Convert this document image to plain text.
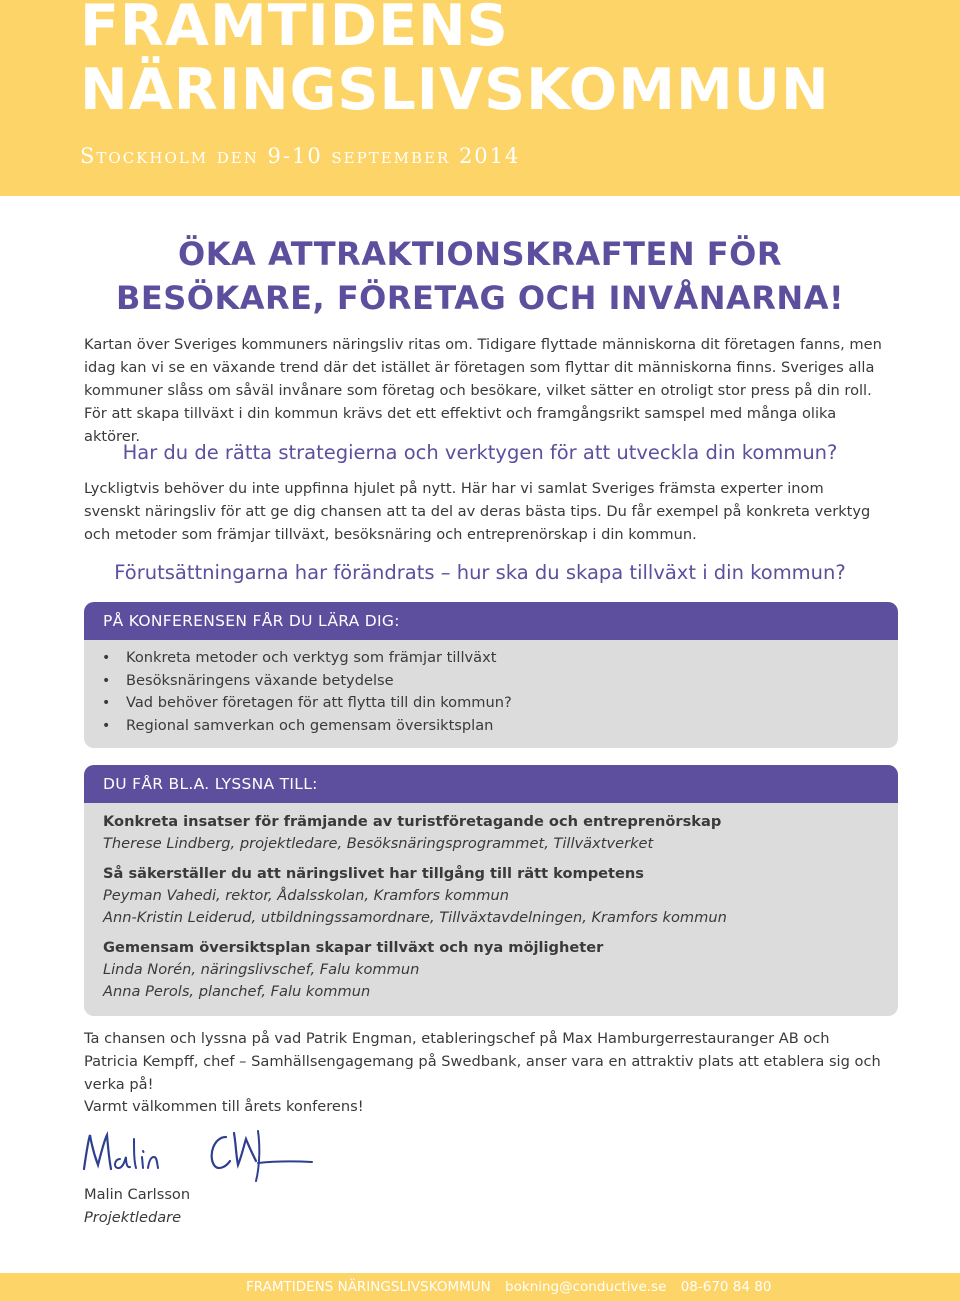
FRAMTIDENS
NÄRINGSLIVSKOMMUN

Stockholm den 9-10 september 2014

ÖKA ATTRAKTIONSKRAFTEN FÖR
BESÖKARE, FÖRETAG OCH INVÅNARNA!

Kartan över Sveriges kommuners näringsliv ritas om. Tidigare flyttade människorna dit företagen fanns, men idag kan vi se en växande trend där det istället är företagen som flyttar dit människorna finns. Sveriges alla kommuner slåss om såväl invånare som företag och besökare, vilket sätter en otroligt stor press på din roll. För att skapa tillväxt i din kommun krävs det ett effektivt och framgångsrikt samspel med många olika aktörer.

Har du de rätta strategierna och verktygen för att utveckla din kommun?

Lyckligtvis behöver du inte uppfinna hjulet på nytt. Här har vi samlat Sveriges främsta experter inom svenskt näringsliv för att ge dig chansen att ta del av deras bästa tips. Du får exempel på konkreta verktyg och metoder som främjar tillväxt, besöksnäring och entreprenörskap i din kommun.

Förutsättningarna har förändrats – hur ska du skapa tillväxt i din kommun?

PÅ KONFERENSEN FÅR DU LÄRA DIG:
• Konkreta metoder och verktyg som främjar tillväxt
• Besöksnäringens växande betydelse
• Vad behöver företagen för att flytta till din kommun?
• Regional samverkan och gemensam översiktsplan
DU FÅR BL.A. LYSSNA TILL:

Konkreta insatser för främjande av turistföretagande och entreprenörskap

Therese Lindberg, projektledare, Besöksnäringsprogrammet, Tillväxtverket

Så säkerställer du att näringslivet har tillgång till rätt kompetens

Peyman Vahedi, rektor, Ådalsskolan, Kramfors kommun

Ann-Kristin Leiderud, utbildningssamordnare, Tillväxtavdelningen, Kramfors kommun

Gemensam översiktsplan skapar tillväxt och nya möjligheter

Linda Norén, näringslivschef, Falu kommun

Anna Perols, planchef, Falu kommun

Ta chansen och lyssna på vad Patrik Engman, etableringschef på Max Hamburgerrestauranger AB och Patricia Kempff, chef – Samhällsengagemang på Swedbank, anser vara en attraktiv plats att etablera sig och verka på!

Varmt välkommen till årets konferens!

Malin Carlsson

Projektledare

FRAMTIDENS NÄRINGSLIVSKOMMUN bokning@conductive.se 08-670 84 80
